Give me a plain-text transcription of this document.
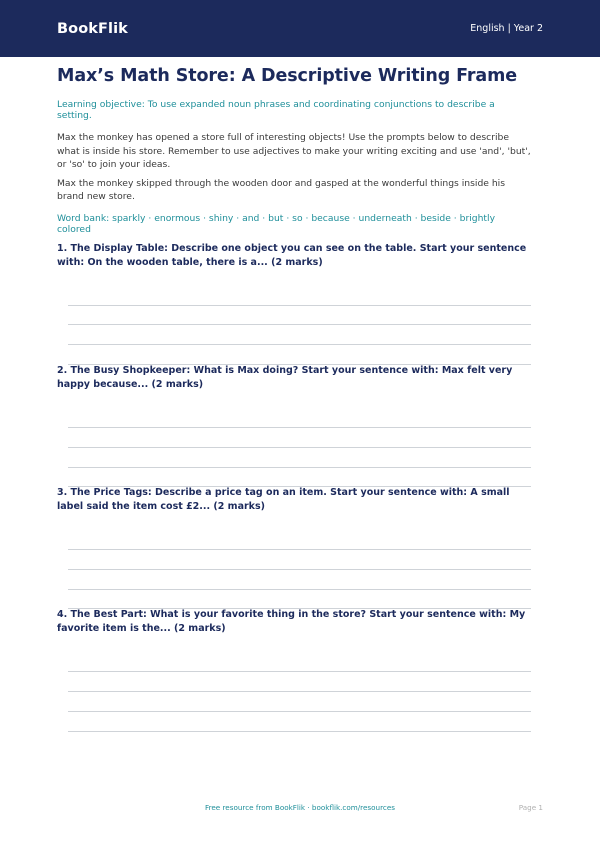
BookFlik	English | Year 2
Max’s Math Store: A Descriptive Writing Frame
Learning objective: To use expanded noun phrases and coordinating conjunctions to describe a setting.
Max the monkey has opened a store full of interesting objects! Use the prompts below to describe what is inside his store. Remember to use adjectives to make your writing exciting and use 'and', 'but', or 'so' to join your ideas.
Max the monkey skipped through the wooden door and gasped at the wonderful things inside his brand new store.
Word bank: sparkly · enormous · shiny · and · but · so · because · underneath · beside · brightly colored
1. The Display Table: Describe one object you can see on the table. Start your sentence with: On the wooden table, there is a... (2 marks)
2. The Busy Shopkeeper: What is Max doing? Start your sentence with: Max felt very happy because... (2 marks)
3. The Price Tags: Describe a price tag on an item. Start your sentence with: A small label said the item cost £2... (2 marks)
4. The Best Part: What is your favorite thing in the store? Start your sentence with: My favorite item is the... (2 marks)
Free resource from BookFlik · bookflik.com/resources	Page 1
